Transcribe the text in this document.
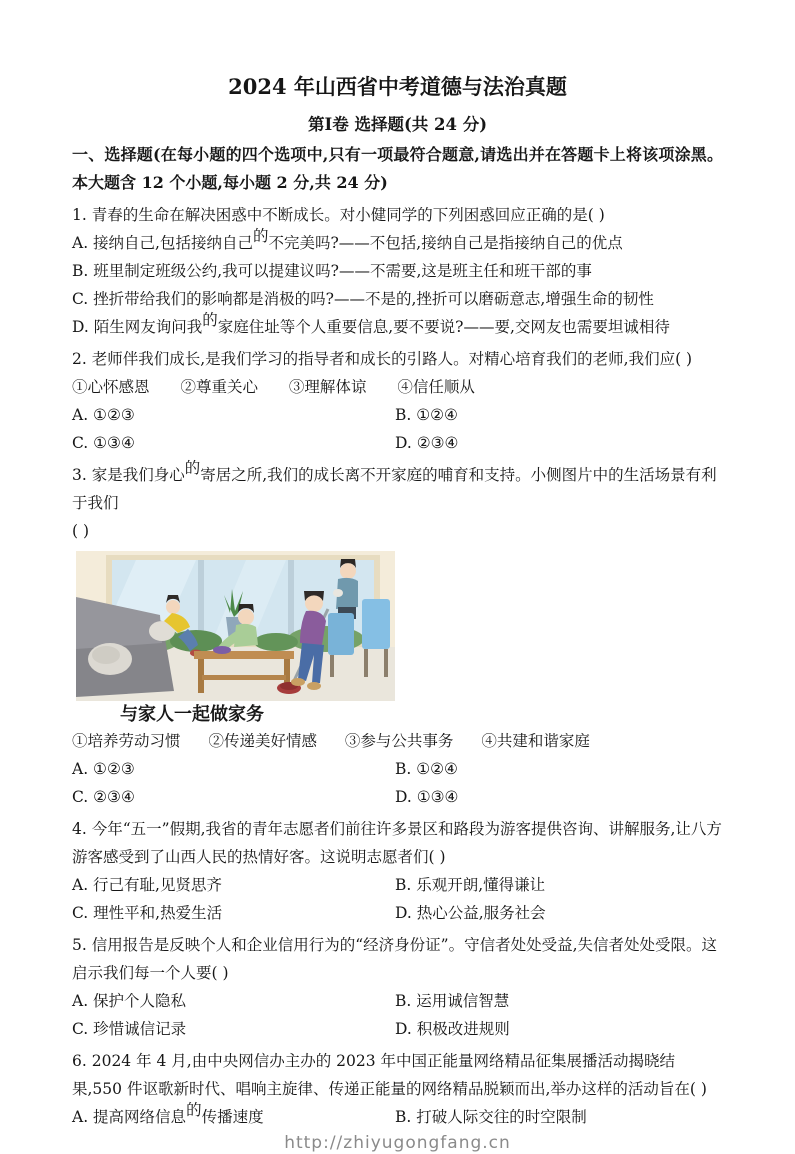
2024 年山西省中考道德与法治真题
第Ⅰ卷 选择题(共 24 分)
一、选择题(在每小题的四个选项中,只有一项最符合题意,请选出并在答题卡上将该项涂黑。本大题含 12 个小题,每小题 2 分,共 24 分)
1. 青春的生命在解决困惑中不断成长。对小健同学的下列困惑回应正确的是( )
A. 接纳自己,包括接纳自己的不完美吗?——不包括,接纳自己是指接纳自己的优点
B. 班里制定班级公约,我可以提建议吗?——不需要,这是班主任和班干部的事
C. 挫折带给我们的影响都是消极的吗?——不是的,挫折可以磨砺意志,增强生命的韧性
D. 陌生网友询问我的家庭住址等个人重要信息,要不要说?——要,交网友也需要坦诚相待
2. 老师伴我们成长,是我们学习的指导者和成长的引路人。对精心培育我们的老师,我们应( )
①心怀感恩 ②尊重关心 ③理解体谅 ④信任顺从
A. ①②③	B. ①②④
C. ①③④	D. ②③④
3. 家是我们身心的寄居之所,我们的成长离不开家庭的哺育和支持。小侧图片中的生活场景有利于我们
( )
与家人一起做家务
①培养劳动习惯 ②传递美好情感 ③参与公共事务 ④共建和谐家庭
A. ①②③	B. ①②④
C. ②③④	D. ①③④
4. 今年“五一”假期,我省的青年志愿者们前往许多景区和路段为游客提供咨询、讲解服务,让八方游客感受到了山西人民的热情好客。这说明志愿者们( )
A. 行己有耻,见贤思齐	B. 乐观开朗,懂得谦让
C. 理性平和,热爱生活	D. 热心公益,服务社会
5. 信用报告是反映个人和企业信用行为的“经济身份证”。守信者处处受益,失信者处处受限。这启示我们每一个人要( )
A. 保护个人隐私	B. 运用诚信智慧
C. 珍惜诚信记录	D. 积极改进规则
6. 2024 年 4 月,由中央网信办主办的 2023 年中国正能量网络精品征集展播活动揭晓结果,550 件讴歌新时代、唱响主旋律、传递正能量的网络精品脱颖而出,举办这样的活动旨在( )
A. 提高网络信息的传播速度	B. 打破人际交往的时空限制
http://zhiyugongfang.cn
